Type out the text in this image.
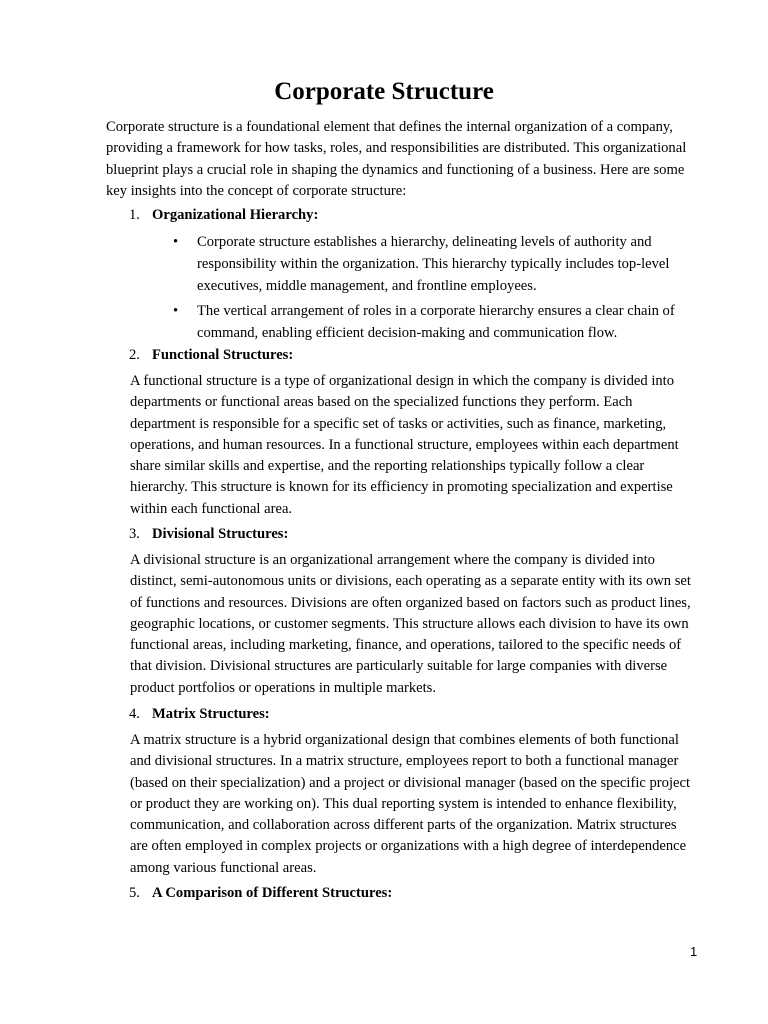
Corporate Structure

Corporate structure is a foundational element that defines the internal organization of a company, providing a framework for how tasks, roles, and responsibilities are distributed. This organizational blueprint plays a crucial role in shaping the dynamics and functioning of a business. Here are some key insights into the concept of corporate structure:

1. Organizational Hierarchy:
• Corporate structure establishes a hierarchy, delineating levels of authority and responsibility within the organization. This hierarchy typically includes top-level executives, middle management, and frontline employees.
• The vertical arrangement of roles in a corporate hierarchy ensures a clear chain of command, enabling efficient decision-making and communication flow.
2. Functional Structures:

A functional structure is a type of organizational design in which the company is divided into departments or functional areas based on the specialized functions they perform. Each department is responsible for a specific set of tasks or activities, such as finance, marketing, operations, and human resources. In a functional structure, employees within each department share similar skills and expertise, and the reporting relationships typically follow a clear hierarchy. This structure is known for its efficiency in promoting specialization and expertise within each functional area.

3. Divisional Structures:

A divisional structure is an organizational arrangement where the company is divided into distinct, semi-autonomous units or divisions, each operating as a separate entity with its own set of functions and resources. Divisions are often organized based on factors such as product lines, geographic locations, or customer segments. This structure allows each division to have its own functional areas, including marketing, finance, and operations, tailored to the specific needs of that division. Divisional structures are particularly suitable for large companies with diverse product portfolios or operations in multiple markets.

4. Matrix Structures:

A matrix structure is a hybrid organizational design that combines elements of both functional and divisional structures. In a matrix structure, employees report to both a functional manager (based on their specialization) and a project or divisional manager (based on the specific project or product they are working on). This dual reporting system is intended to enhance flexibility, communication, and collaboration across different parts of the organization. Matrix structures are often employed in complex projects or organizations with a high degree of interdependence among various functional areas.

5. A Comparison of Different Structures:
1
